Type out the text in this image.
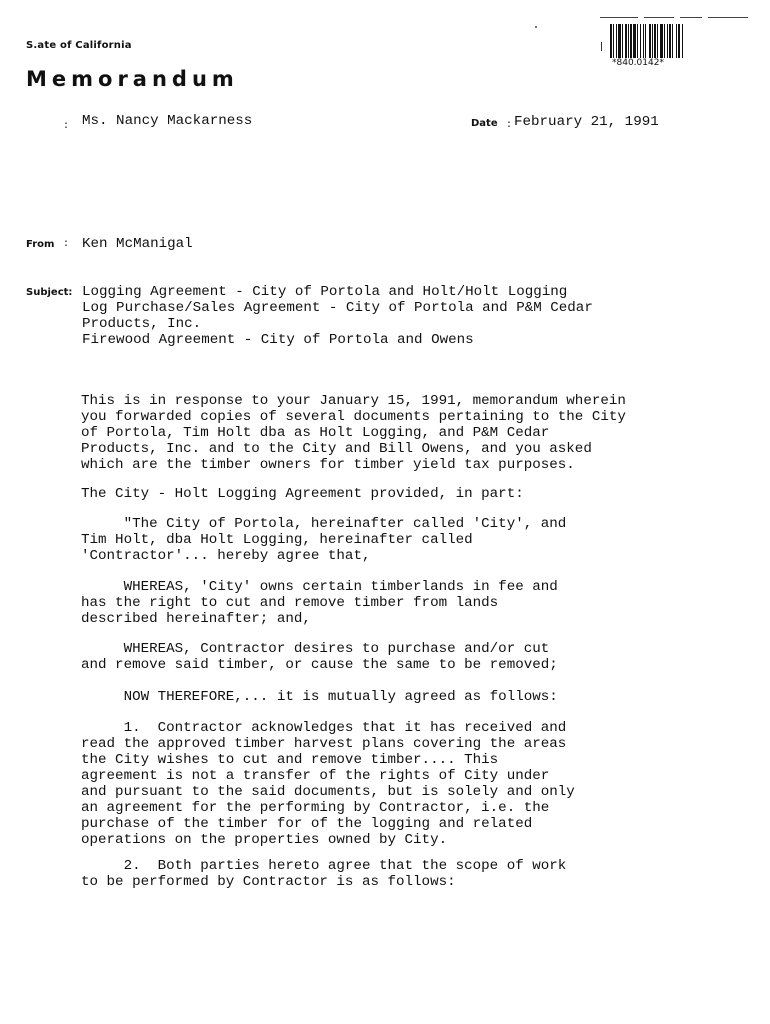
S.ate of California
Memorandum
*840.0142*
: Ms. Nancy Mackarness	Date : February 21, 1991
From : Ken McManigal
Subject: Logging Agreement - City of Portola and Holt/Holt Logging
Log Purchase/Sales Agreement - City of Portola and P&M Cedar
Products, Inc.
Firewood Agreement - City of Portola and Owens
This is in response to your January 15, 1991, memorandum wherein
you forwarded copies of several documents pertaining to the City
of Portola, Tim Holt dba as Holt Logging, and P&M Cedar
Products, Inc. and to the City and Bill Owens, and you asked
which are the timber owners for timber yield tax purposes.
The City - Holt Logging Agreement provided, in part:
"The City of Portola, hereinafter called 'City', and
Tim Holt, dba Holt Logging, hereinafter called
'Contractor'... hereby agree that,
WHEREAS, 'City' owns certain timberlands in fee and
has the right to cut and remove timber from lands
described hereinafter; and,
WHEREAS, Contractor desires to purchase and/or cut
and remove said timber, or cause the same to be removed;
NOW THEREFORE,... it is mutually agreed as follows:
1.  Contractor acknowledges that it has received and
read the approved timber harvest plans covering the areas
the City wishes to cut and remove timber.... This
agreement is not a transfer of the rights of City under
and pursuant to the said documents, but is solely and only
an agreement for the performing by Contractor, i.e. the
purchase of the timber for of the logging and related
operations on the properties owned by City.
2.  Both parties hereto agree that the scope of work
to be performed by Contractor is as follows:
